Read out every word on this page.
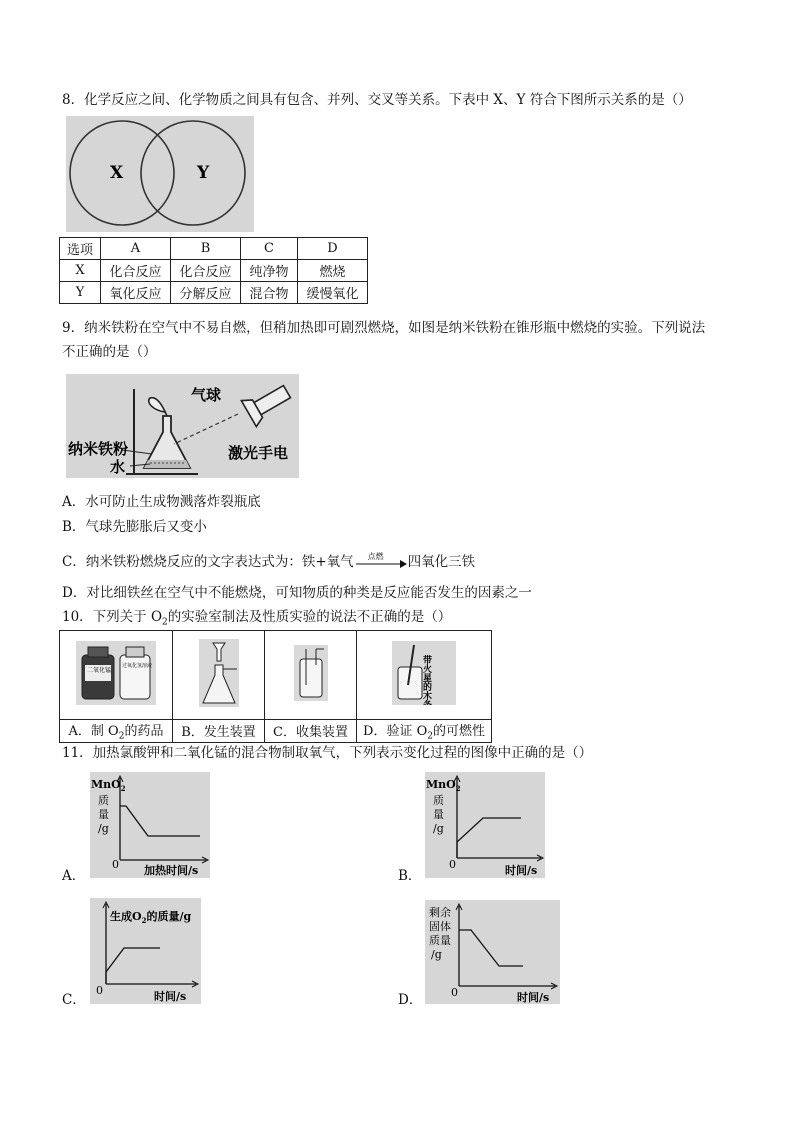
8．化学反应之间、化学物质之间具有包含、并列、交叉等关系。下表中 X、Y 符合下图所示关系的是（）
X	Y
选项	A	B	C	D
X	化合反应	化合反应	纯净物	燃烧
Y	氧化反应	分解反应	混合物	缓慢氧化
9．纳米铁粉在空气中不易自燃，但稍加热即可剧烈燃烧，如图是纳米铁粉在锥形瓶中燃烧的实验。下列说法
不正确的是（）
气球
纳米铁粉
水
激光手电
A．水可防止生成物溅落炸裂瓶底
B．气球先膨胀后又变小
C．纳米铁粉燃烧反应的文字表达式为：铁+氧气 点燃 四氧化三铁
D．对比细铁丝在空气中不能燃烧，可知物质的种类是反应能否发生的因素之一
10．下列关于 $O_2$的实验室制法及性质实验的说法不正确的是（）
二氧化锰
过氧化氢溶液			带火星的木条

A．制 $O_2$的药品	B．发生装置	C．收集装置	D．验证 $O_2$的可燃性
11．加热氯酸钾和二氧化锰的混合物制取氧气，下列表示变化过程的图像中正确的是（）
A．
MnO$_2$
质
量
/g
0 加热时间/s	B．
MnO$_2$
质
量
/g
0	时间/s
C．
生成$O_2$的质量/g
0	时间/s	D．
剩余
固体
质量
/g
0	时间/s
